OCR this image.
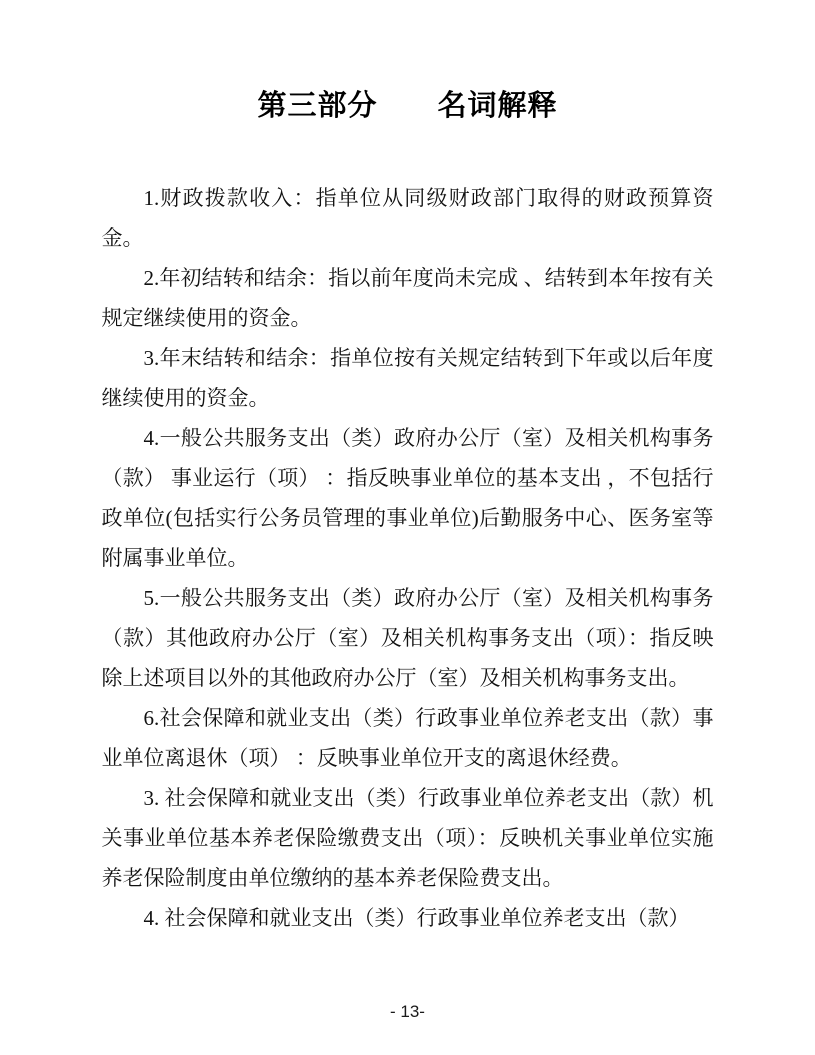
第三部分　　名词解释

1.财政拨款收入：指单位从同级财政部门取得的财政预算资金。

2.年初结转和结余：指以前年度尚未完成 、结转到本年按有关规定继续使用的资金。

3.年末结转和结余：指单位按有关规定结转到下年或以后年度继续使用的资金。

4.一般公共服务支出（类）政府办公厅（室）及相关机构事务 （款） 事业运行（项） ：指反映事业单位的基本支出 ，不包括行政单位(包括实行公务员管理的事业单位)后勤服务中心、医务室等附属事业单位。

5.一般公共服务支出（类）政府办公厅（室）及相关机构事务 （款）其他政府办公厅（室）及相关机构事务支出（项）：指反映除上述项目以外的其他政府办公厅（室）及相关机构事务支出。

6.社会保障和就业支出（类）行政事业单位养老支出（款）事业单位离退休（项） ：反映事业单位开支的离退休经费。

3. 社会保障和就业支出（类）行政事业单位养老支出（款）机关事业单位基本养老保险缴费支出（项）：反映机关事业单位实施养老保险制度由单位缴纳的基本养老保险费支出。

4. 社会保障和就业支出（类）行政事业单位养老支出（款）

- 13-
